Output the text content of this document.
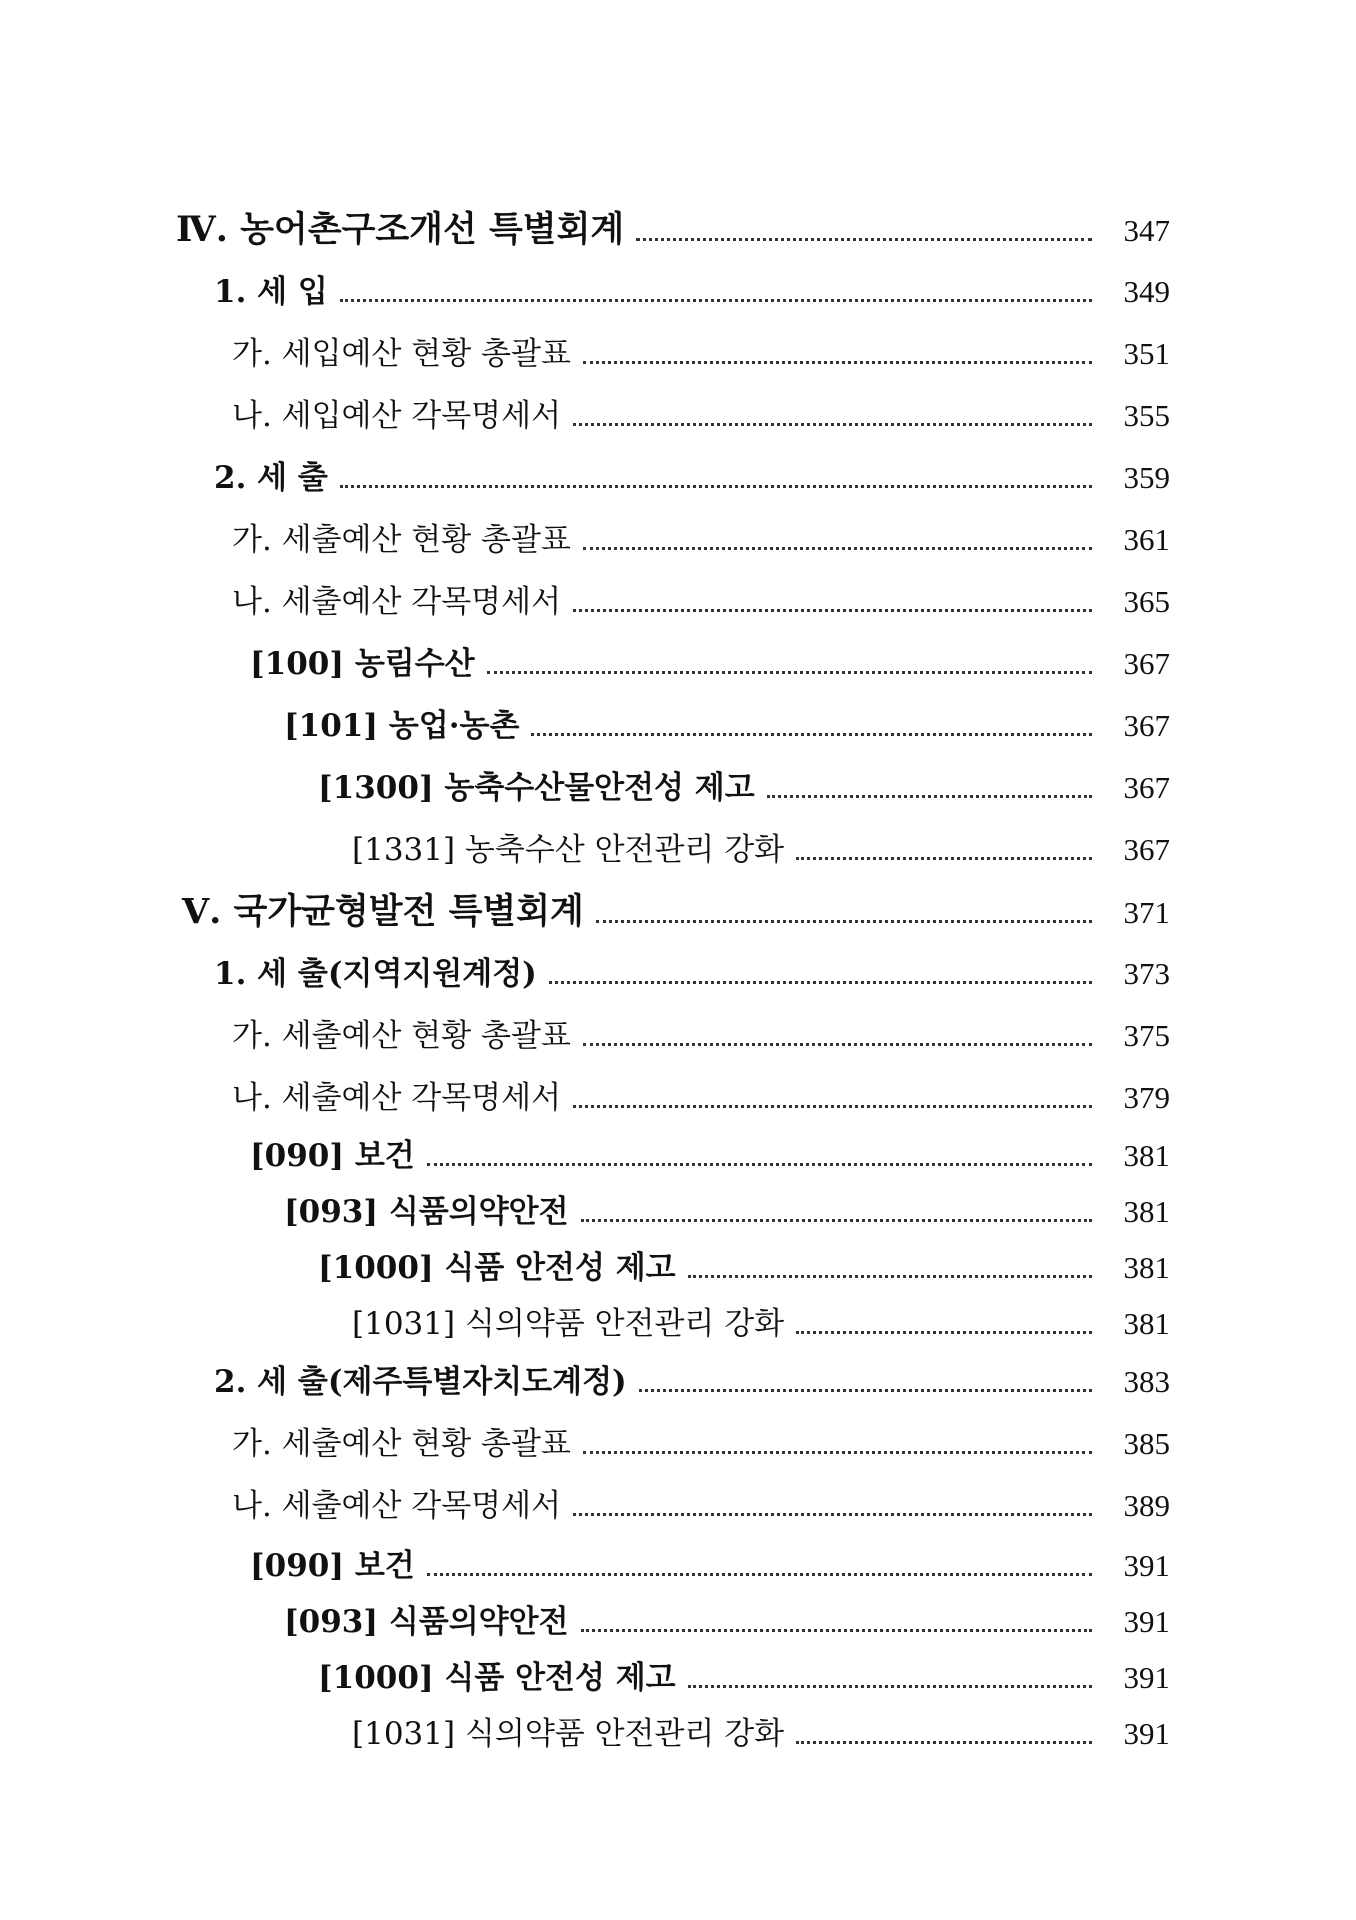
Ⅳ. 농어촌구조개선 특별회계	347
1. 세 입	349
가. 세입예산 현황 총괄표	351
나. 세입예산 각목명세서	355
2. 세 출	359
가. 세출예산 현황 총괄표	361
나. 세출예산 각목명세서	365
[100] 농림수산	367
[101] 농업·농촌	367
[1300] 농축수산물안전성 제고	367
[1331] 농축수산 안전관리 강화	367
Ⅴ. 국가균형발전 특별회계	371
1. 세 출(지역지원계정)	373
가. 세출예산 현황 총괄표	375
나. 세출예산 각목명세서	379
[090] 보건	381
[093] 식품의약안전	381
[1000] 식품 안전성 제고	381
[1031] 식의약품 안전관리 강화	381
2. 세 출(제주특별자치도계정)	383
가. 세출예산 현황 총괄표	385
나. 세출예산 각목명세서	389
[090] 보건	391
[093] 식품의약안전	391
[1000] 식품 안전성 제고	391
[1031] 식의약품 안전관리 강화	391
